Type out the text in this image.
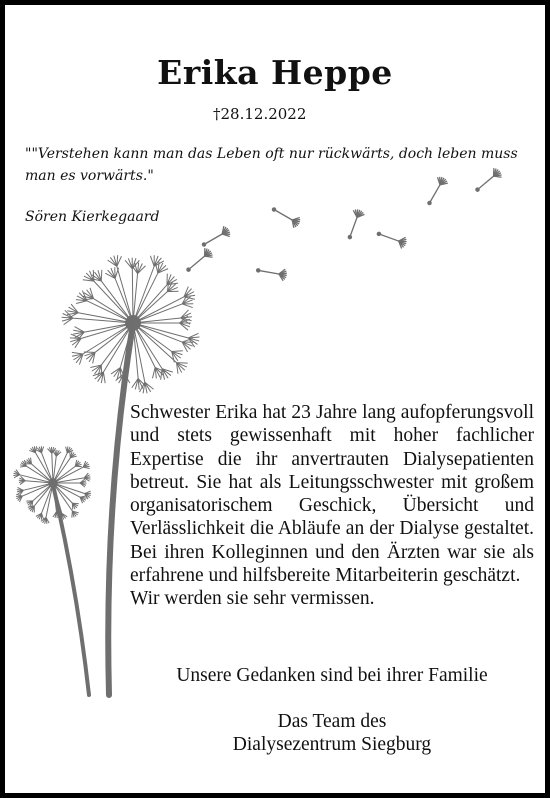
Erika Heppe
†28.12.2022
""Verstehen kann man das Leben oft nur rückwärts, doch leben muss man es vorwärts."
Sören Kierkegaard

Schwester Erika hat 23 Jahre lang aufopferungsvoll und stets gewissenhaft mit hoher fachlicher Expertise die ihr anvertrauten Dialysepatienten betreut. Sie hat als Leitungsschwester mit großem organisatorischem Geschick, Übersicht und Verlässlichkeit die Abläufe an der Dialyse gestaltet. Bei ihren Kolleginnen und den Ärzten war sie als erfahrene und hilfsbereite Mitarbeiterin geschätzt.

Wir werden sie sehr vermissen.

Unsere Gedanken sind bei ihrer Familie
Das Team des
Dialysezentrum Siegburg
